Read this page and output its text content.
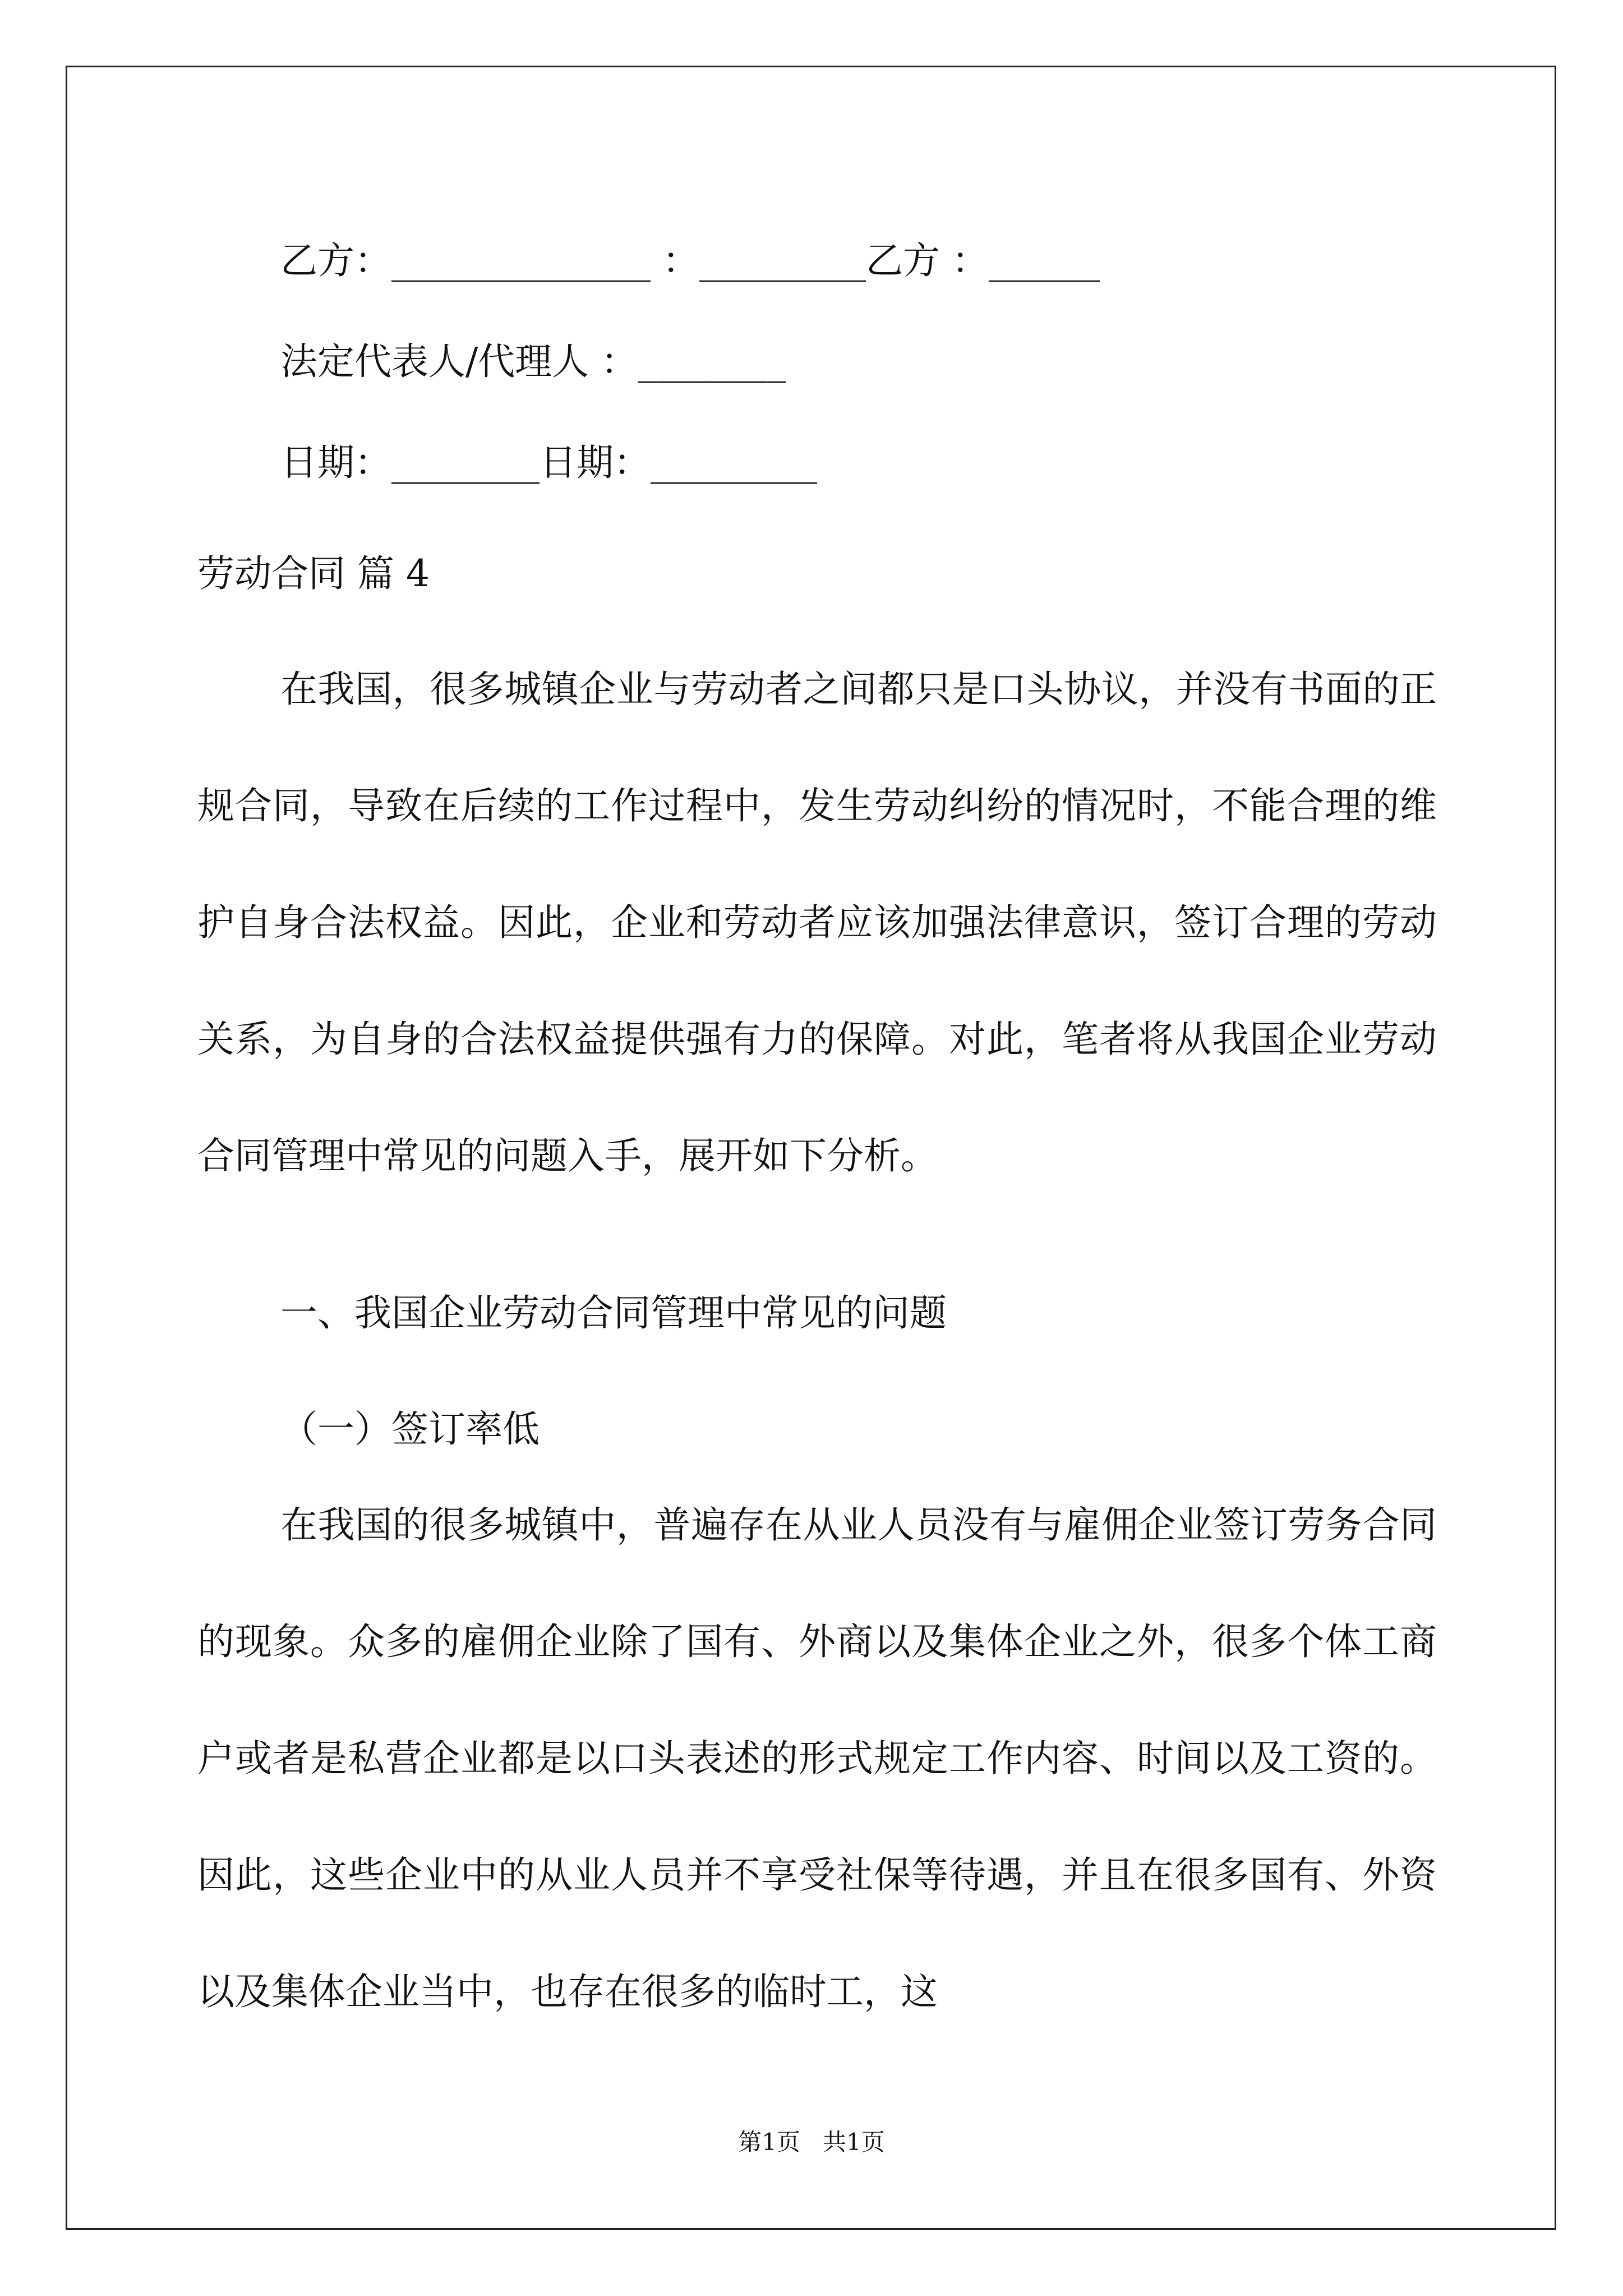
乙方：______________ ：_________乙方 ：______
法定代表人/代理人 ：________
日期：________日期：_________
劳动合同 篇 4

在我国，很多城镇企业与劳动者之间都只是口头协议，并没有书面的正规合同，导致在后续的工作过程中，发生劳动纠纷的情况时，不能合理的维护自身合法权益。因此，企业和劳动者应该加强法律意识，签订合理的劳动关系，为自身的合法权益提供强有力的保障。对此，笔者将从我国企业劳动合同管理中常见的问题入手，展开如下分析。

一、我国企业劳动合同管理中常见的问题
（一）签订率低

在我国的很多城镇中，普遍存在从业人员没有与雇佣企业签订劳务合同的现象。众多的雇佣企业除了国有、外商以及集体企业之外，很多个体工商户或者是私营企业都是以口头表述的形式规定工作内容、时间以及工资的。因此，这些企业中的从业人员并不享受社保等待遇，并且在很多国有、外资以及集体企业当中，也存在很多的临时工，这

第1页   共1页
